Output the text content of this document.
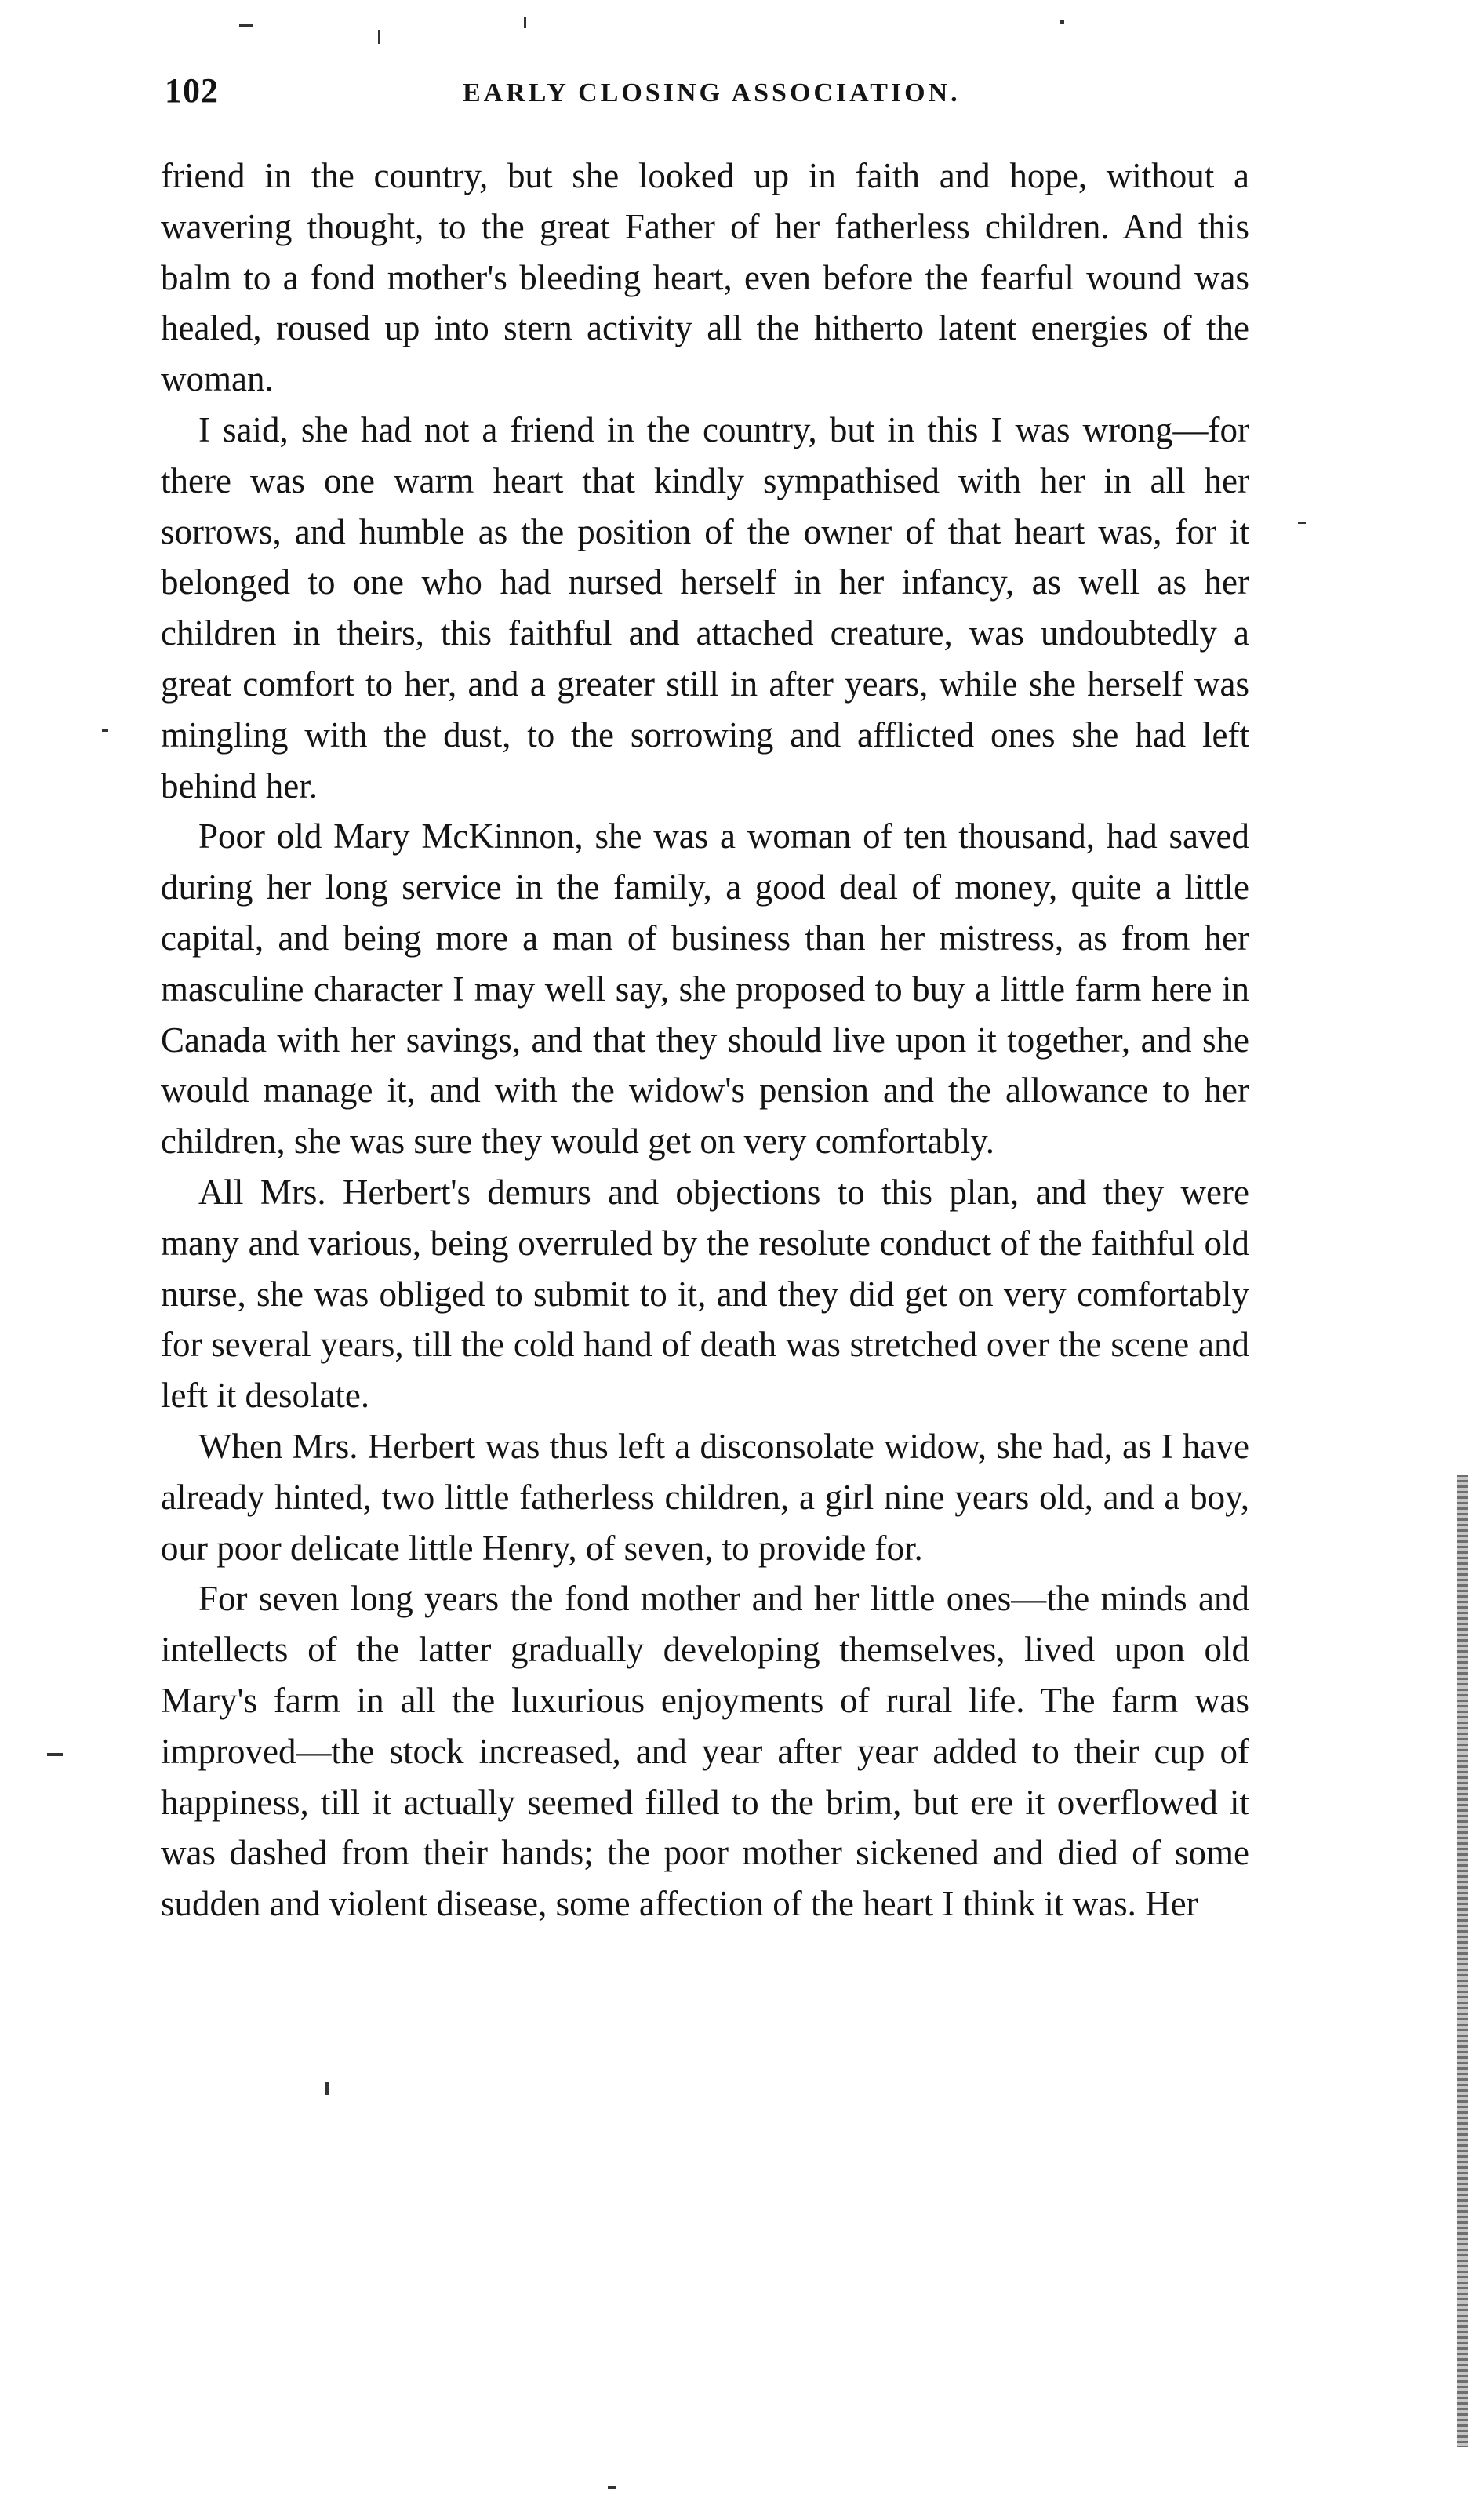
102	EARLY CLOSING ASSOCIATION.

friend in the country, but she looked up in faith and hope, without a wavering thought, to the great Father of her fatherless children. And this balm to a fond mother's bleeding heart, even before the fearful wound was healed, roused up into stern activity all the hitherto latent energies of the woman.

I said, she had not a friend in the country, but in this I was wrong—for there was one warm heart that kindly sympathised with her in all her sorrows, and humble as the position of the owner of that heart was, for it belonged to one who had nursed herself in her infancy, as well as her children in theirs, this faithful and attached creature, was undoubtedly a great comfort to her, and a greater still in after years, while she herself was mingling with the dust, to the sorrowing and afflicted ones she had left behind her.

Poor old Mary McKinnon, she was a woman of ten thousand, had saved during her long service in the family, a good deal of money, quite a little capital, and being more a man of business than her mistress, as from her masculine character I may well say, she proposed to buy a little farm here in Canada with her savings, and that they should live upon it together, and she would manage it, and with the widow's pension and the allowance to her children, she was sure they would get on very comfortably.

All Mrs. Herbert's demurs and objections to this plan, and they were many and various, being overruled by the resolute conduct of the faithful old nurse, she was obliged to submit to it, and they did get on very comfortably for several years, till the cold hand of death was stretched over the scene and left it desolate.

When Mrs. Herbert was thus left a disconsolate widow, she had, as I have already hinted, two little fatherless children, a girl nine years old, and a boy, our poor delicate little Henry, of seven, to provide for.

For seven long years the fond mother and her little ones—the minds and intellects of the latter gradually developing themselves, lived upon old Mary's farm in all the luxurious enjoyments of rural life. The farm was improved—the stock increased, and year after year added to their cup of happiness, till it actually seemed filled to the brim, but ere it overflowed it was dashed from their hands; the poor mother sickened and died of some sudden and violent disease, some affection of the heart I think it was. Her
